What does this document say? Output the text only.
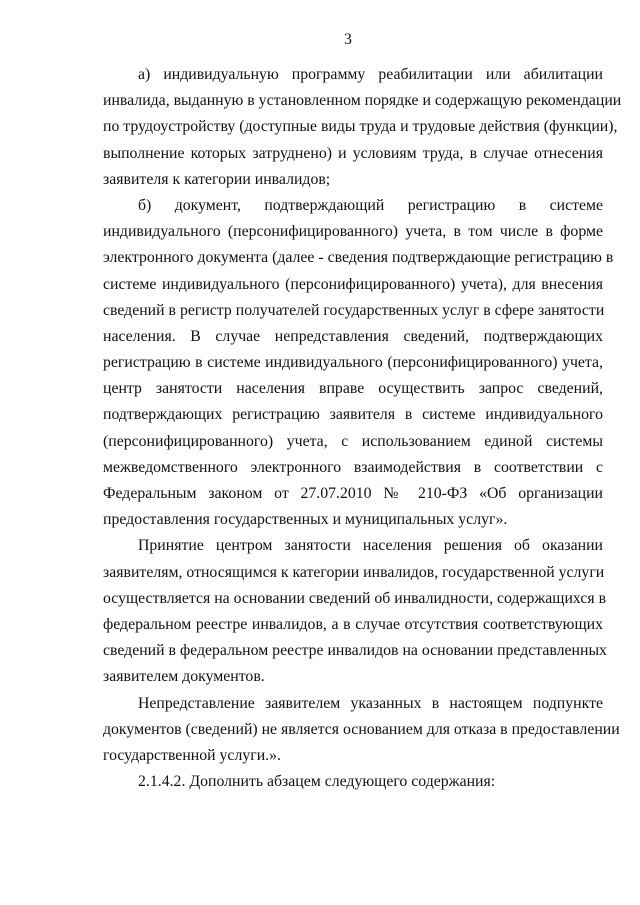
3
а) индивидуальную программу реабилитации или абилитации
инвалида, выданную в установленном порядке и содержащую рекомендации
по трудоустройству (доступные виды труда и трудовые действия (функции),
выполнение которых затруднено) и условиям труда, в случае отнесения
заявителя к категории инвалидов;
б) документ, подтверждающий регистрацию в системе
индивидуального (персонифицированного) учета, в том числе в форме
электронного документа (далее - сведения подтверждающие регистрацию в
системе индивидуального (персонифицированного) учета), для внесения
сведений в регистр получателей государственных услуг в сфере занятости
населения. В случае непредставления сведений, подтверждающих
регистрацию в системе индивидуального (персонифицированного) учета,
центр занятости населения вправе осуществить запрос сведений,
подтверждающих регистрацию заявителя в системе индивидуального
(персонифицированного) учета, с использованием единой системы
межведомственного электронного взаимодействия в соответствии с
Федеральным законом от 27.07.2010 № 210-ФЗ «Об организации
предоставления государственных и муниципальных услуг».
Принятие центром занятости населения решения об оказании
заявителям, относящимся к категории инвалидов, государственной услуги
осуществляется на основании сведений об инвалидности, содержащихся в
федеральном реестре инвалидов, а в случае отсутствия соответствующих
сведений в федеральном реестре инвалидов на основании представленных
заявителем документов.
Непредставление заявителем указанных в настоящем подпункте
документов (сведений) не является основанием для отказа в предоставлении
государственной услуги.».
2.1.4.2. Дополнить абзацем следующего содержания:
